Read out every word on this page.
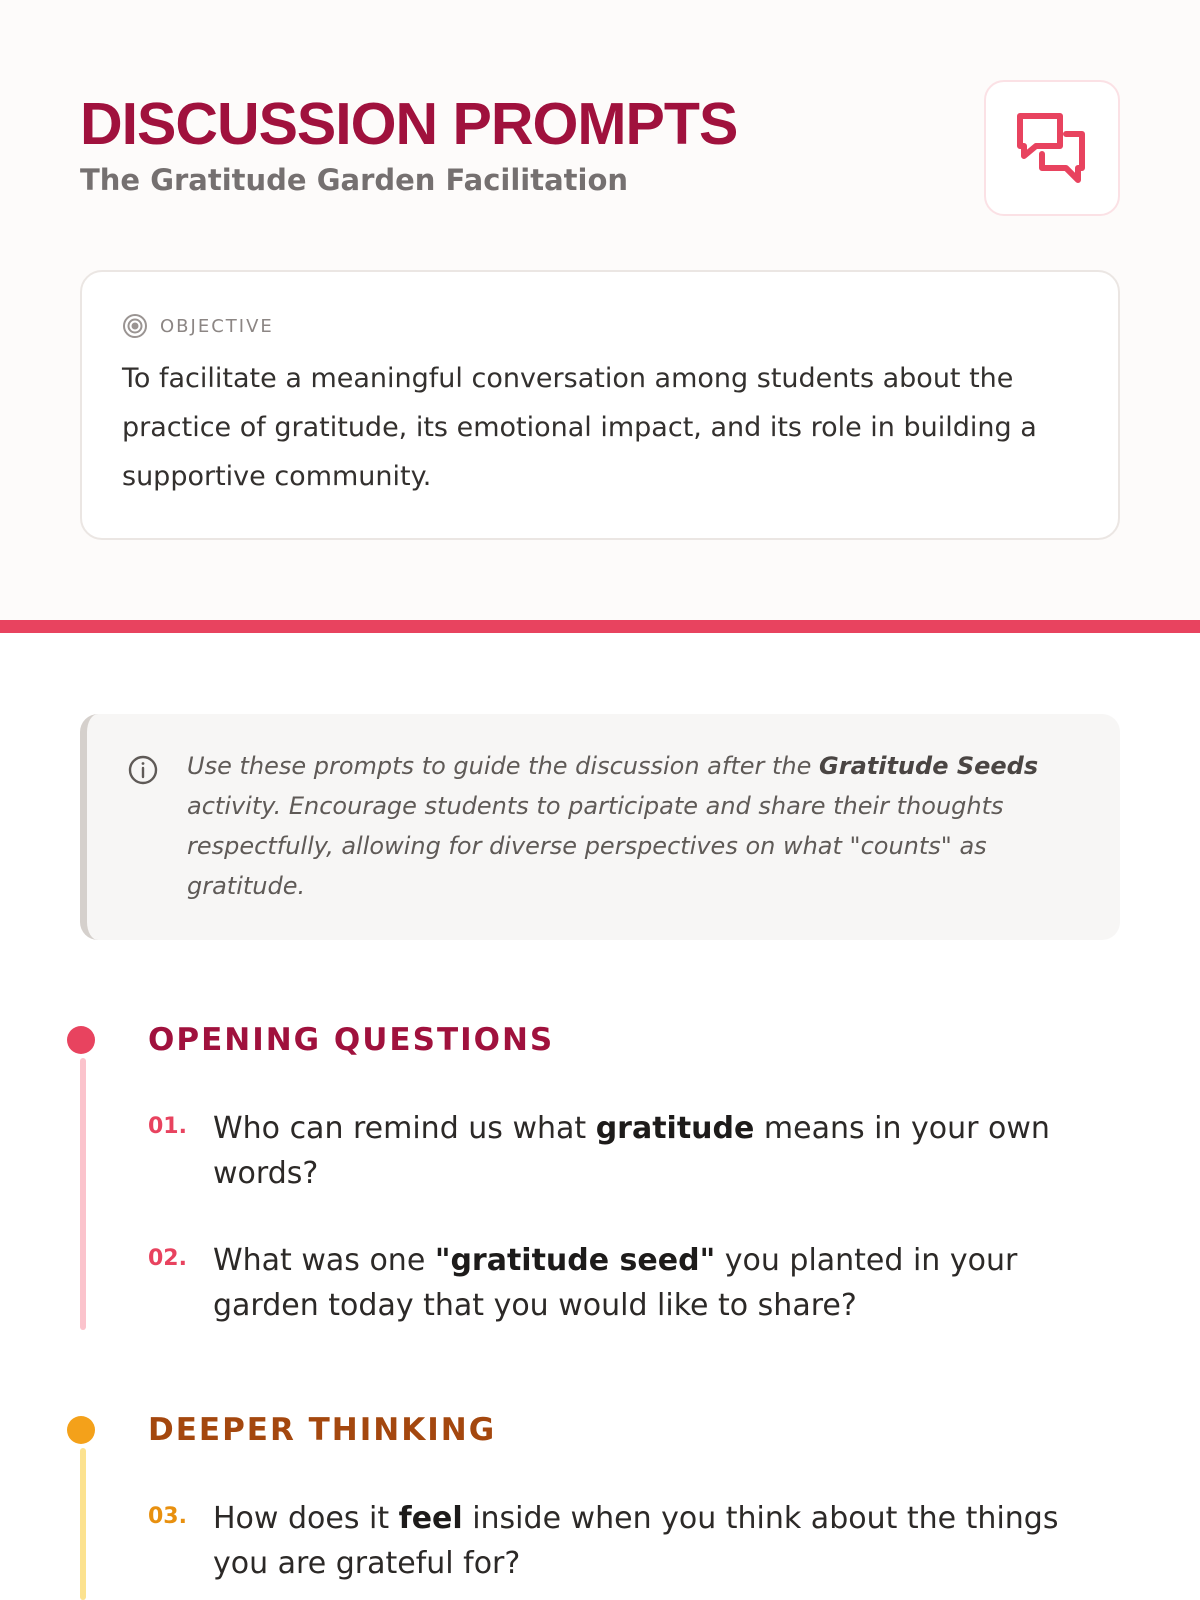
DISCUSSION PROMPTS
The Gratitude Garden Facilitation
OBJECTIVE

To facilitate a meaningful conversation among students about the practice of gratitude, its emotional impact, and its role in building a supportive community.

Use these prompts to guide the discussion after the Gratitude Seeds activity. Encourage students to participate and share their thoughts respectfully, allowing for diverse perspectives on what "counts" as gratitude.

OPENING QUESTIONS
01. Who can remind us what gratitude means in your own words?

02. What was one "gratitude seed" you planted in your garden today that you would like to share?

DEEPER THINKING
03. How does it feel inside when you think about the things you are grateful for?
